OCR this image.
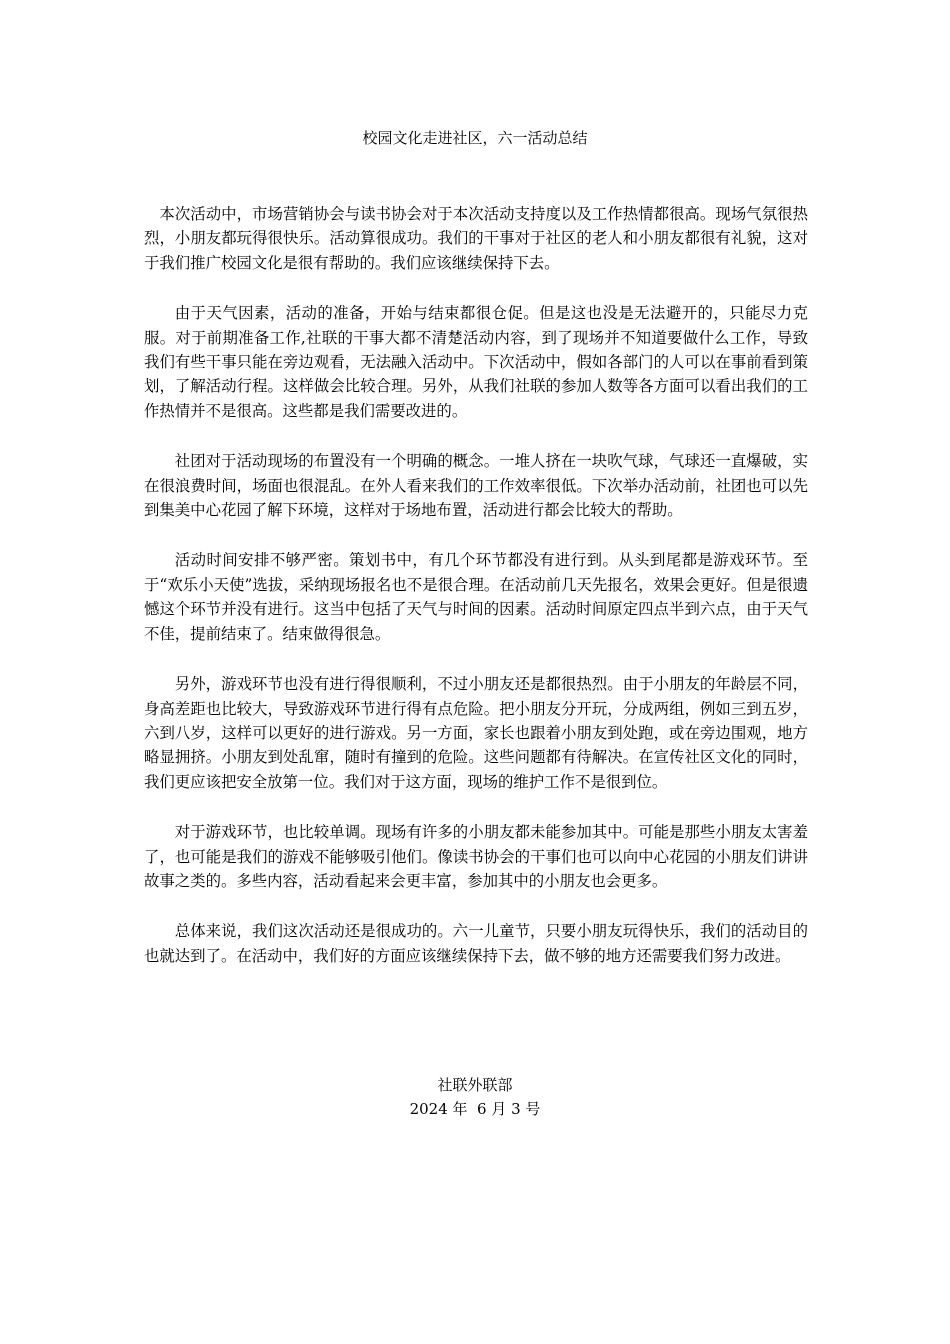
校园文化走进社区，六一活动总结

本次活动中，市场营销协会与读书协会对于本次活动支持度以及工作热情都很高。现场气氛很热烈，小朋友都玩得很快乐。活动算很成功。我们的干事对于社区的老人和小朋友都很有礼貌，这对于我们推广校园文化是很有帮助的。我们应该继续保持下去。

由于天气因素，活动的准备，开始与结束都很仓促。但是这也没是无法避开的，只能尽力克服。对于前期准备工作,社联的干事大都不清楚活动内容，到了现场并不知道要做什么工作，导致我们有些干事只能在旁边观看，无法融入活动中。下次活动中，假如各部门的人可以在事前看到策划，了解活动行程。这样做会比较合理。另外，从我们社联的参加人数等各方面可以看出我们的工作热情并不是很高。这些都是我们需要改进的。

社团对于活动现场的布置没有一个明确的概念。一堆人挤在一块吹气球，气球还一直爆破，实在很浪费时间，场面也很混乱。在外人看来我们的工作效率很低。下次举办活动前，社团也可以先到集美中心花园了解下环境，这样对于场地布置，活动进行都会比较大的帮助。

活动时间安排不够严密。策划书中，有几个环节都没有进行到。从头到尾都是游戏环节。至于“欢乐小天使”选拔，采纳现场报名也不是很合理。在活动前几天先报名，效果会更好。但是很遗憾这个环节并没有进行。这当中包括了天气与时间的因素。活动时间原定四点半到六点，由于天气不佳，提前结束了。结束做得很急。

另外，游戏环节也没有进行得很顺利，不过小朋友还是都很热烈。由于小朋友的年龄层不同，身高差距也比较大，导致游戏环节进行得有点危险。把小朋友分开玩，分成两组，例如三到五岁，六到八岁，这样可以更好的进行游戏。另一方面，家长也跟着小朋友到处跑，或在旁边围观，地方略显拥挤。小朋友到处乱窜，随时有撞到的危险。这些问题都有待解决。在宣传社区文化的同时，我们更应该把安全放第一位。我们对于这方面，现场的维护工作不是很到位。

对于游戏环节，也比较单调。现场有许多的小朋友都未能参加其中。可能是那些小朋友太害羞了，也可能是我们的游戏不能够吸引他们。像读书协会的干事们也可以向中心花园的小朋友们讲讲故事之类的。多些内容，活动看起来会更丰富，参加其中的小朋友也会更多。

总体来说，我们这次活动还是很成功的。六一儿童节，只要小朋友玩得快乐，我们的活动目的也就达到了。在活动中，我们好的方面应该继续保持下去，做不够的地方还需要我们努力改进。

社联外联部
2024 年  6 月 3 号
